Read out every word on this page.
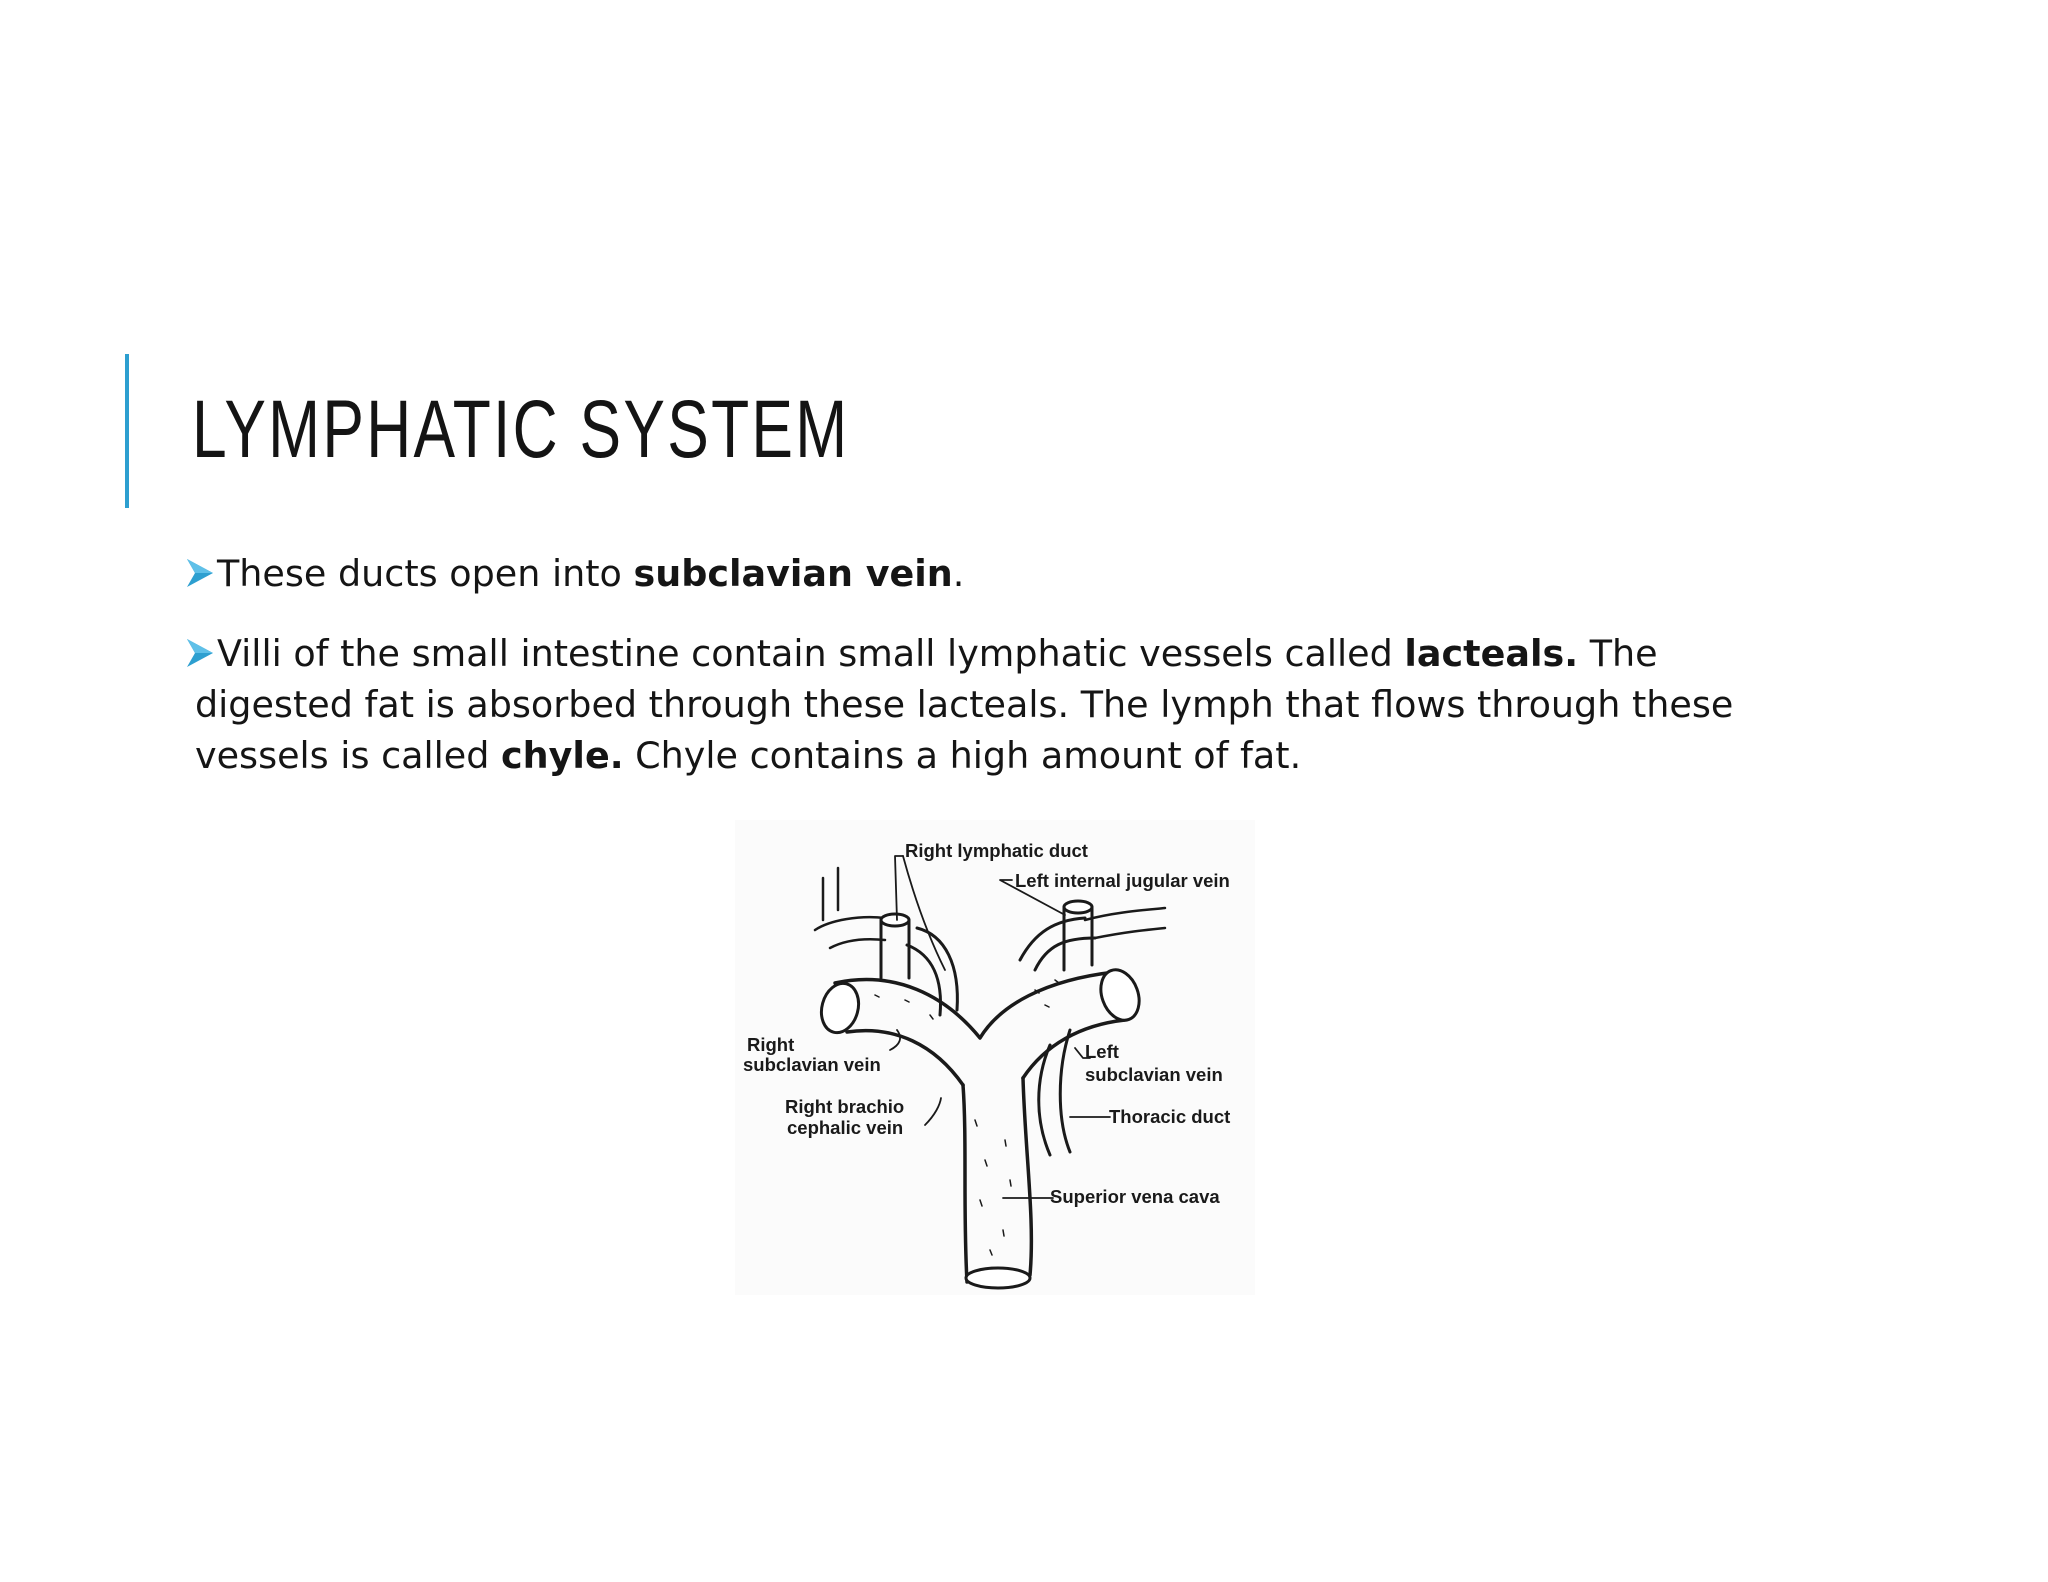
LYMPHATIC SYSTEM
These ducts open into subclavian vein.
Villi of the small intestine contain small lymphatic vessels called lacteals. The
digested fat is absorbed through these lacteals. The lymph that flows through these
vessels is called chyle. Chyle contains a high amount of fat.
Right lymphatic duct
Left internal jugular vein
Right
subclavian vein
Left
subclavian vein
Right brachio
cephalic vein
Thoracic duct
Superior vena cava
